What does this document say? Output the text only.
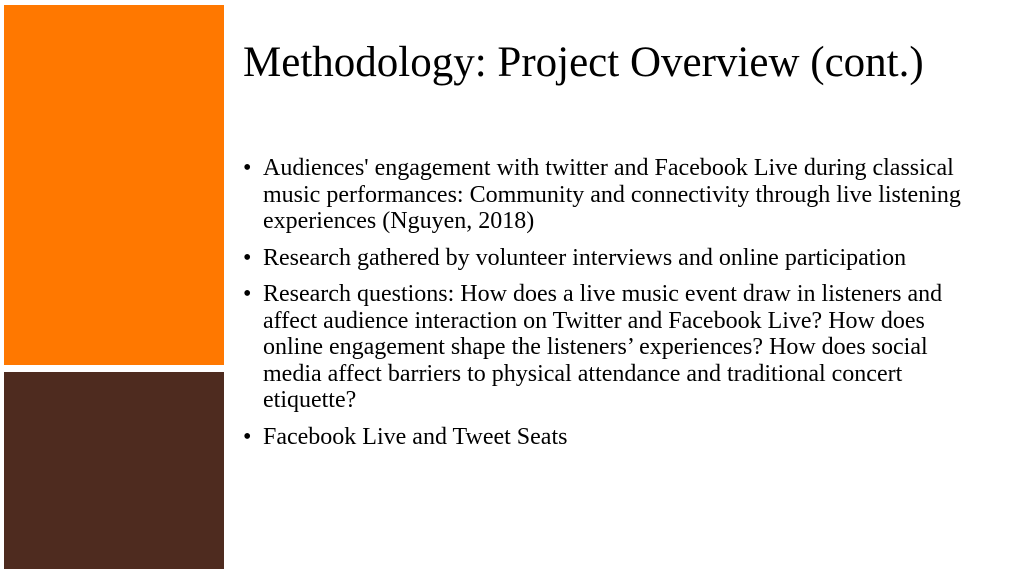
Methodology: Project Overview (cont.)
• Audiences' engagement with twitter and Facebook Live during classical music performances: Community and connectivity through live listening experiences (Nguyen, 2018)
• Research gathered by volunteer interviews and online participation
• Research questions: How does a live music event draw in listeners and affect audience interaction on Twitter and Facebook Live? How does online engagement shape the listeners’ experiences? How does social media affect barriers to physical attendance and traditional concert etiquette?
• Facebook Live and Tweet Seats
